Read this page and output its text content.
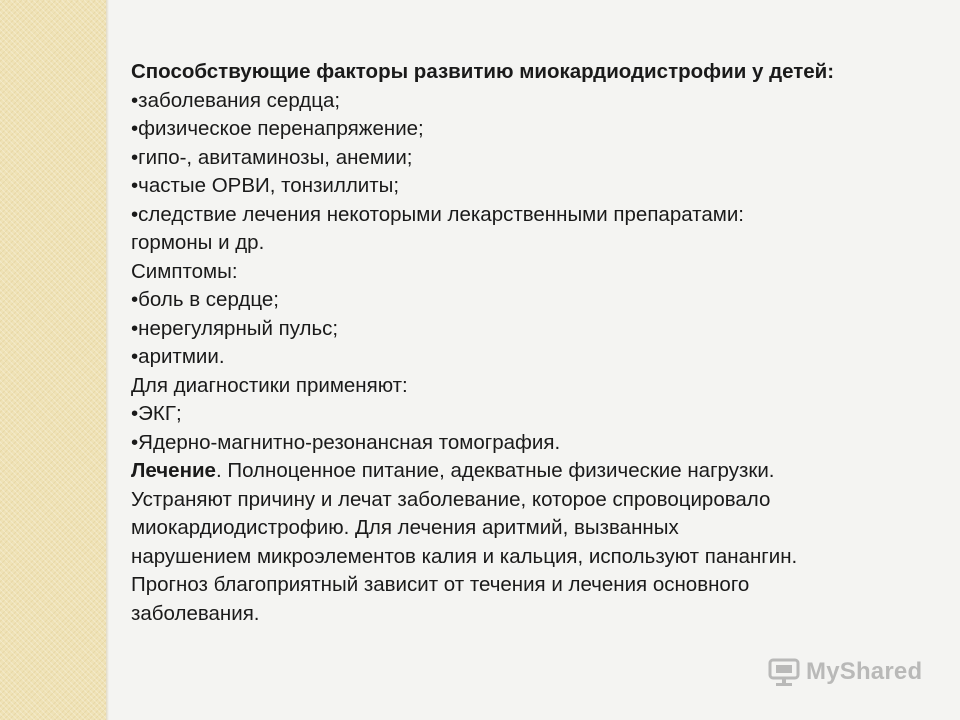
Способствующие факторы развитию миокардиодистрофии у детей:
•заболевания сердца;
•физическое перенапряжение;
•гипо-, авитаминозы, анемии;
•частые ОРВИ, тонзиллиты;
•следствие лечения некоторыми лекарственными препаратами:
гормоны и др.
Симптомы:
•боль в сердце;
•нерегулярный пульс;
•аритмии.
Для диагностики применяют:
•ЭКГ;
•Ядерно-магнитно-резонансная томография.
Лечение. Полноценное питание, адекватные физические нагрузки.
Устраняют причину и лечат заболевание, которое спровоцировало
миокардиодистрофию. Для лечения аритмий, вызванных
нарушением микроэлементов калия и кальция, используют панангин.
Прогноз благоприятный зависит от течения и лечения основного
заболевания.
MyShared
